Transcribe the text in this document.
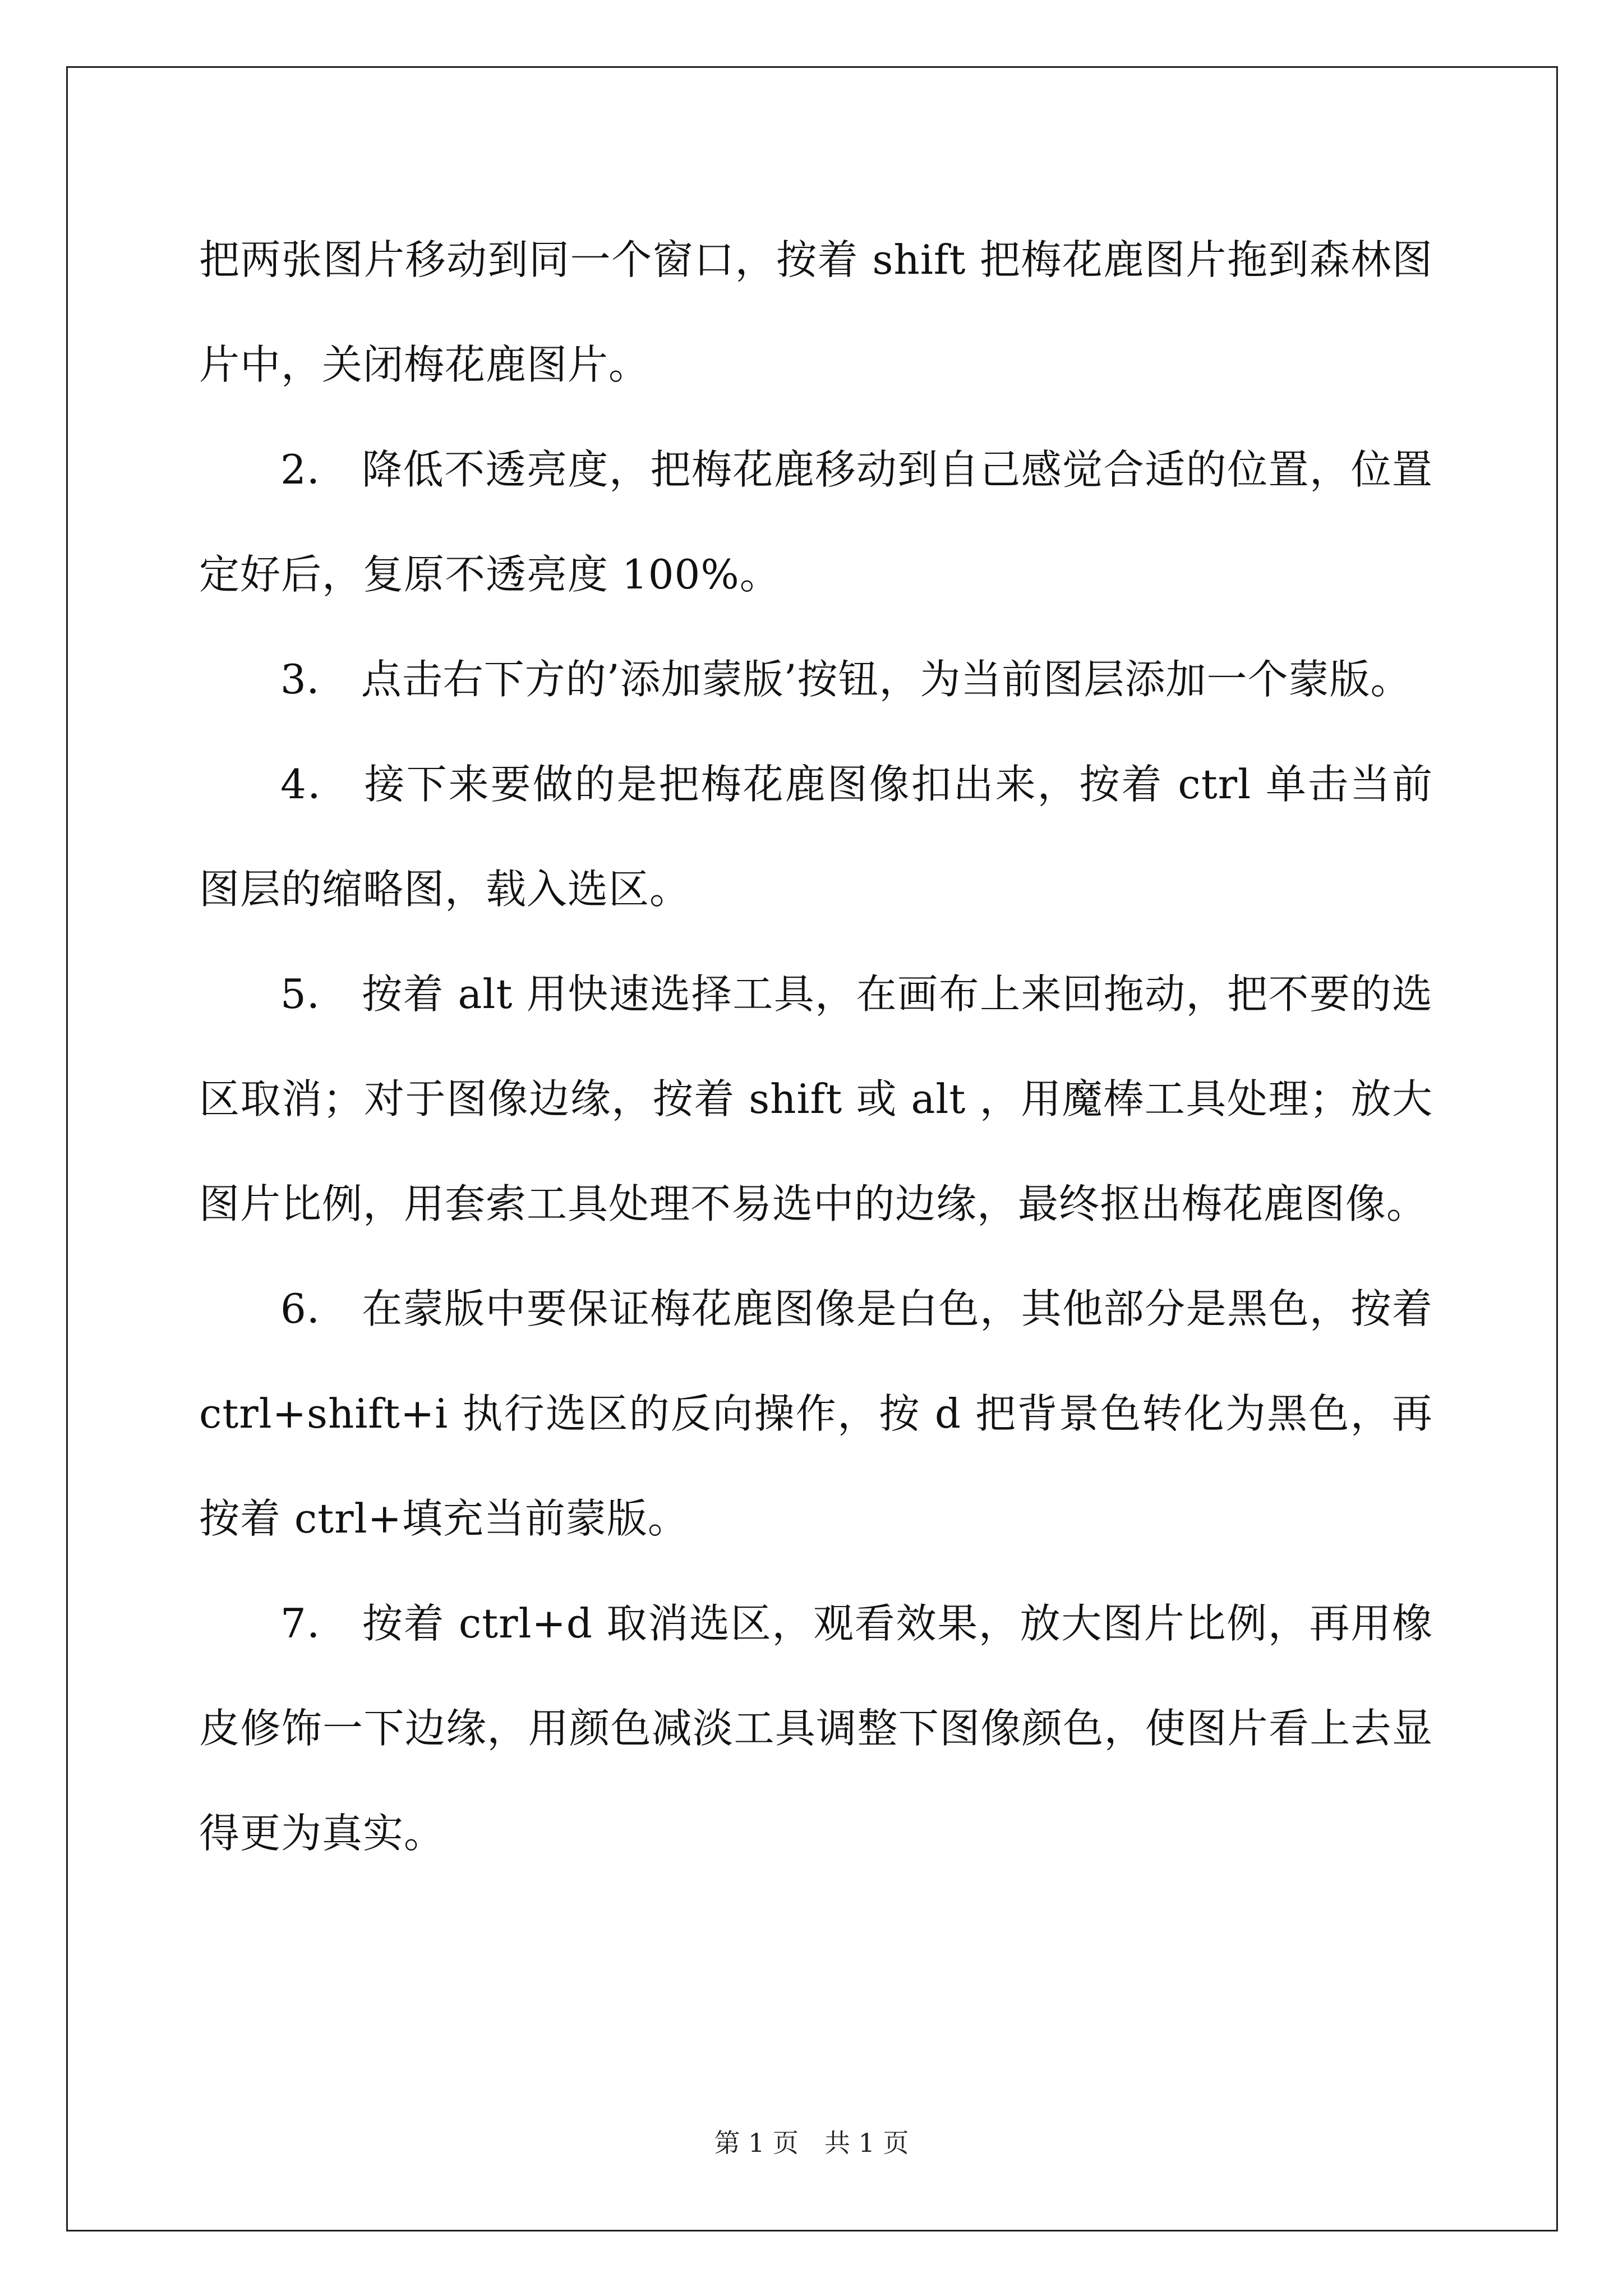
把两张图片移动到同一个窗口，按着 shift 把梅花鹿图片拖到森林图片中，关闭梅花鹿图片。

2． 降低不透亮度，把梅花鹿移动到自己感觉合适的位置，位置定好后，复原不透亮度 100%。

3． 点击右下方的’添加蒙版’按钮，为当前图层添加一个蒙版。

4． 接下来要做的是把梅花鹿图像扣出来，按着 ctrl 单击当前图层的缩略图，载入选区。

5． 按着 alt 用快速选择工具，在画布上来回拖动，把不要的选区取消；对于图像边缘，按着 shift 或 alt ，用魔棒工具处理；放大图片比例，用套索工具处理不易选中的边缘，最终抠出梅花鹿图像。

6． 在蒙版中要保证梅花鹿图像是白色，其他部分是黑色，按着 ctrl+shift+i 执行选区的反向操作，按 d 把背景色转化为黑色，再按着 ctrl+填充当前蒙版。

7． 按着 ctrl+d 取消选区，观看效果，放大图片比例，再用橡皮修饰一下边缘，用颜色减淡工具调整下图像颜色，使图片看上去显得更为真实。

第 1 页　共 1 页
